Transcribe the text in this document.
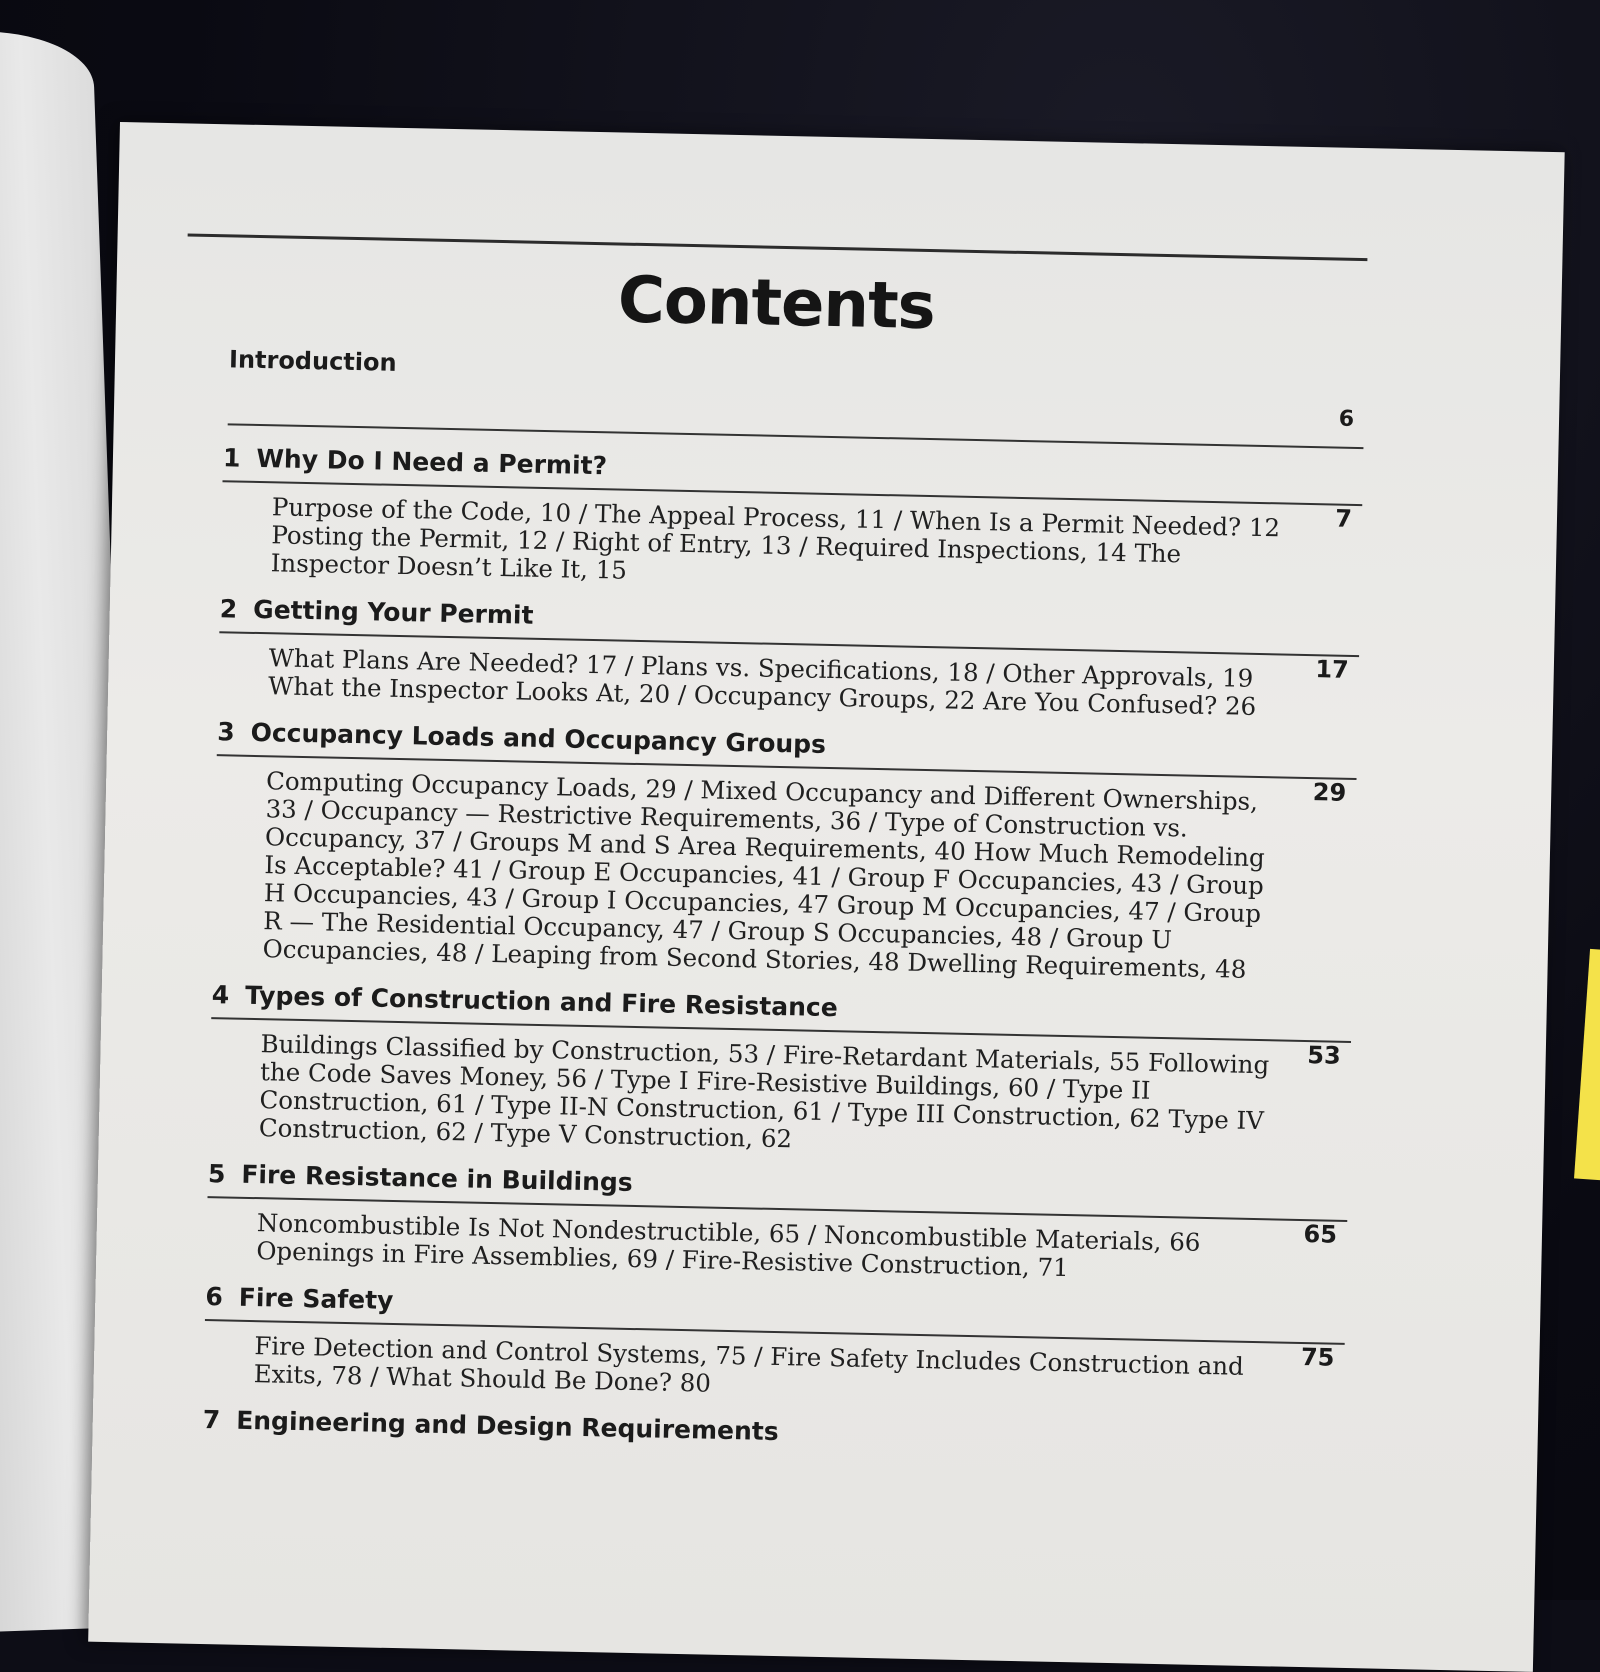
Contents
Introduction
6
1 Why Do I Need a Permit?
7
Purpose of the Code, 10 / The Appeal Process, 11 / When Is a Permit Needed? 12 Posting the Permit, 12 / Right of Entry, 13 / Required Inspections, 14 The Inspector Doesn’t Like It, 15
2 Getting Your Permit
17
What Plans Are Needed? 17 / Plans vs. Specifications, 18 / Other Approvals, 19 What the Inspector Looks At, 20 / Occupancy Groups, 22 Are You Confused? 26
3 Occupancy Loads and Occupancy Groups
29
Computing Occupancy Loads, 29 / Mixed Occupancy and Different Ownerships, 33 / Occupancy — Restrictive Requirements, 36 / Type of Construction vs. Occupancy, 37 / Groups M and S Area Requirements, 40 How Much Remodeling Is Acceptable? 41 / Group E Occupancies, 41 / Group F Occupancies, 43 / Group H Occupancies, 43 / Group I Occupancies, 47 Group M Occupancies, 47 / Group R — The Residential Occupancy, 47 / Group S Occupancies, 48 / Group U Occupancies, 48 / Leaping from Second Stories, 48 Dwelling Requirements, 48
4 Types of Construction and Fire Resistance
53
Buildings Classified by Construction, 53 / Fire-Retardant Materials, 55 Following the Code Saves Money, 56 / Type I Fire-Resistive Buildings, 60 / Type II Construction, 61 / Type II-N Construction, 61 / Type III Construction, 62 Type IV Construction, 62 / Type V Construction, 62
5 Fire Resistance in Buildings
65
Noncombustible Is Not Nondestructible, 65 / Noncombustible Materials, 66 Openings in Fire Assemblies, 69 / Fire-Resistive Construction, 71
6 Fire Safety
75
Fire Detection and Control Systems, 75 / Fire Safety Includes Construction and Exits, 78 / What Should Be Done? 80
7 Engineering and Design Requirements
